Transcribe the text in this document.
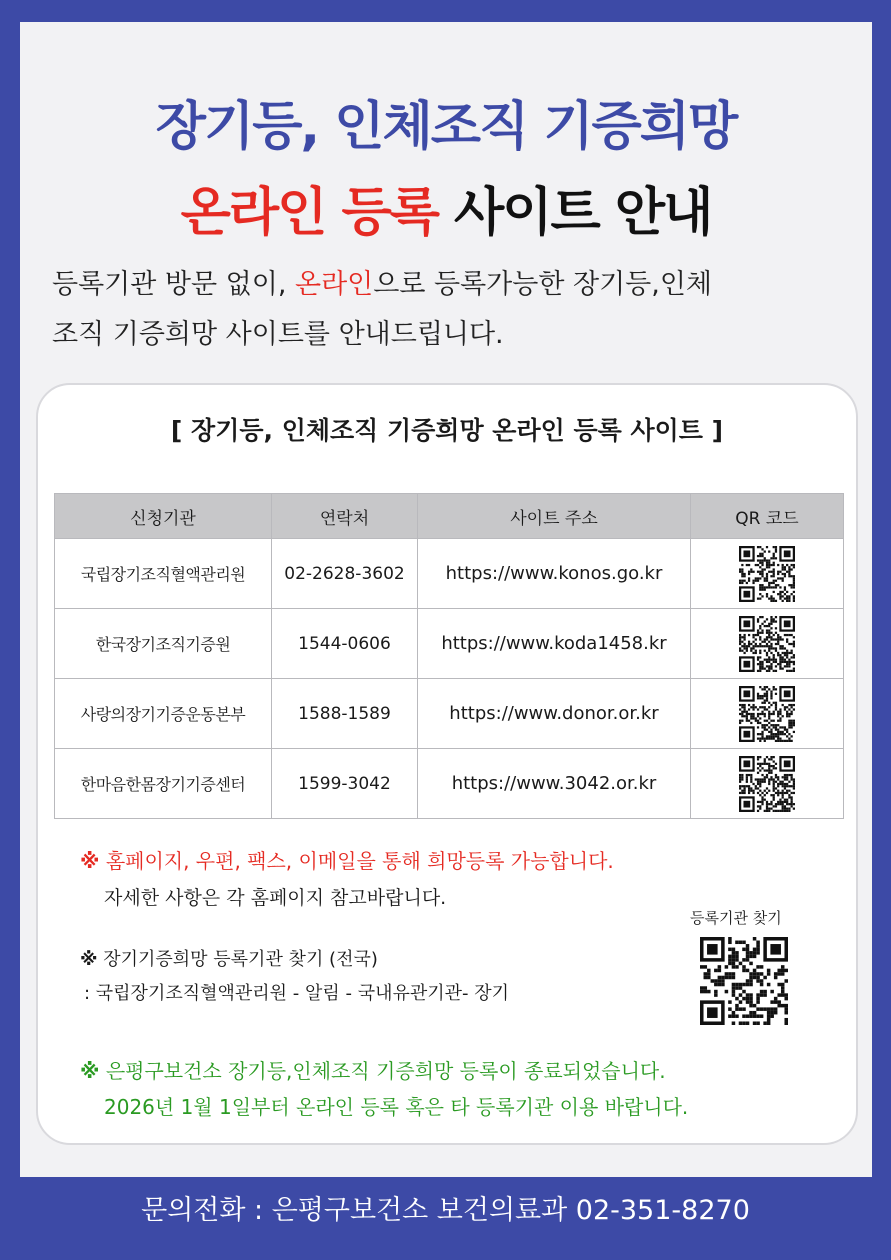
장기등, 인체조직 기증희망
온라인 등록 사이트 안내
등록기관 방문 없이, 온라인으로 등록가능한 장기등,인체
조직 기증희망 사이트를 안내드립니다.
[ 장기등, 인체조직 기증희망 온라인 등록 사이트 ]
신청기관	연락처	사이트 주소	QR 코드
국립장기조직혈액관리원	02-2628-3602	https://www.konos.go.kr	
한국장기조직기증원	1544-0606	https://www.koda1458.kr	
사랑의장기기증운동본부	1588-1589	https://www.donor.or.kr	
한마음한몸장기기증센터	1599-3042	https://www.3042.or.kr	
※ 홈페이지, 우편, 팩스, 이메일을 통해 희망등록 가능합니다.
자세한 사항은 각 홈페이지 참고바랍니다.
※ 장기기증희망 등록기관 찾기 (전국)
: 국립장기조직혈액관리원 - 알림 - 국내유관기관- 장기
등록기관 찾기
※ 은평구보건소 장기등,인체조직 기증희망 등록이 종료되었습니다.
2026년 1월 1일부터 온라인 등록 혹은 타 등록기관 이용 바랍니다.
문의전화 : 은평구보건소 보건의료과 02-351-8270
